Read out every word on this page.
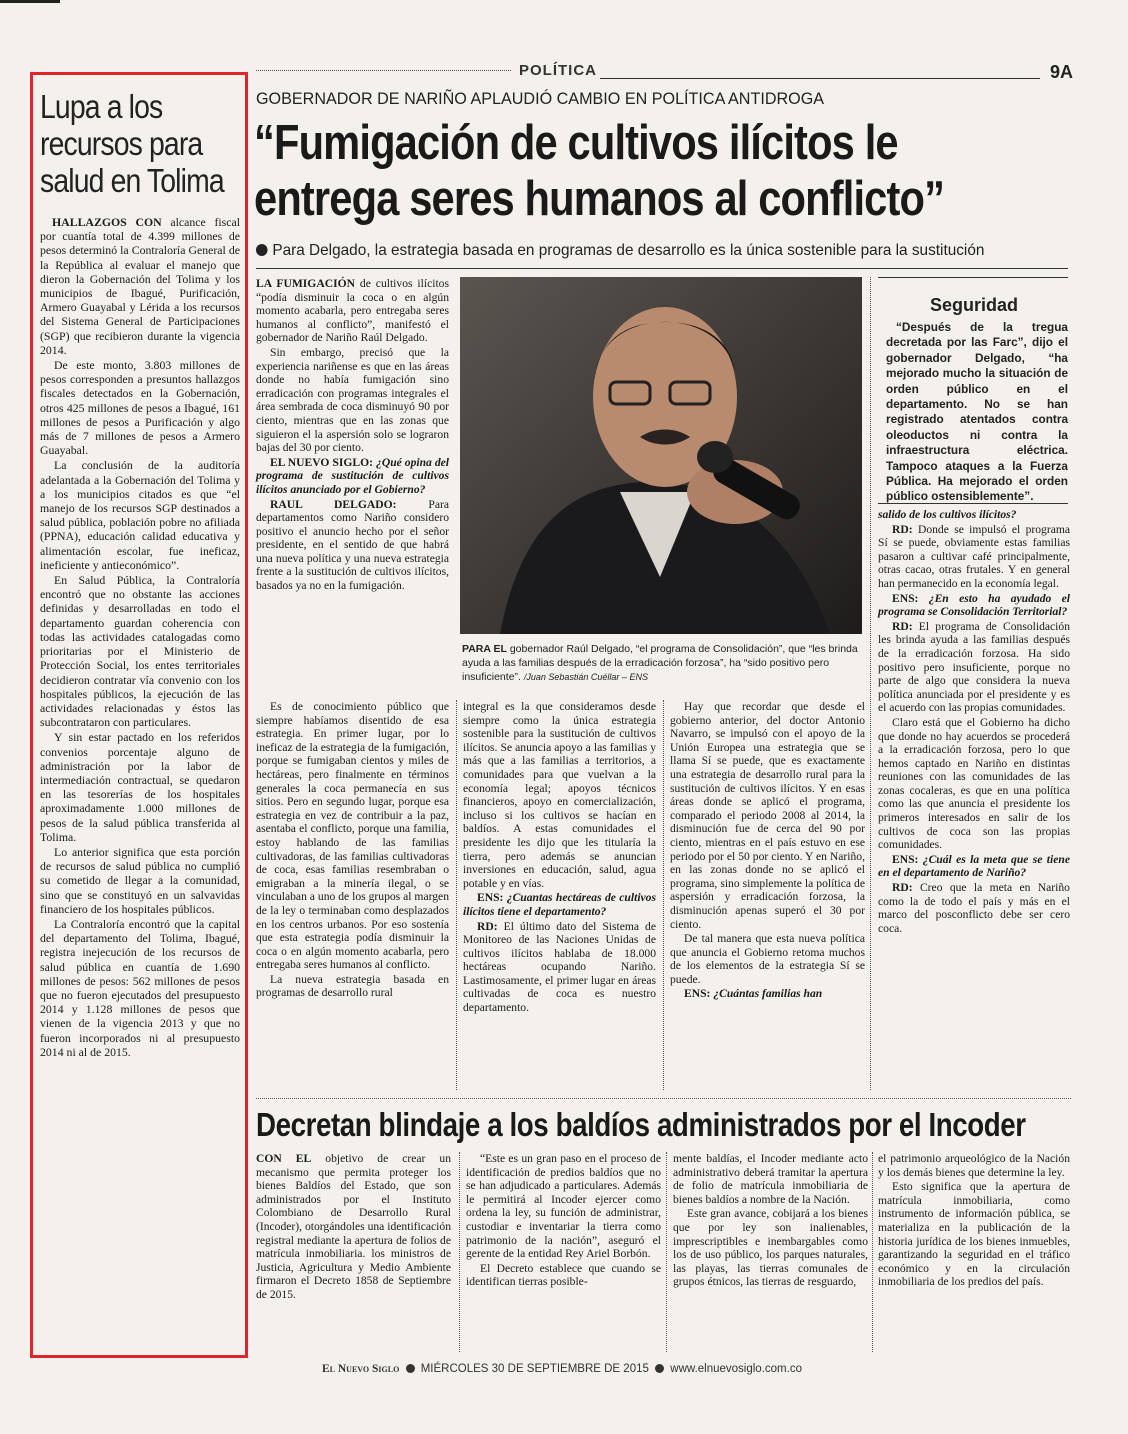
POLÍTICA	9A
Lupa a los recursos para salud en Tolima

HALLAZGOS CON alcance fiscal por cuantía total de 4.399 millones de pesos determinó la Contraloría General de la República al evaluar el manejo que dieron la Gobernación del Tolima y los municipios de Ibagué, Purificación, Armero Guayabal y Lérida a los recursos del Sistema General de Participaciones (SGP) que recibieron durante la vigencia 2014.

De este monto, 3.803 millones de pesos corresponden a presuntos hallazgos fiscales detectados en la Gobernación, otros 425 millones de pesos a Ibagué, 161 millones de pesos a Purificación y algo más de 7 millones de pesos a Armero Guayabal.

La conclusión de la auditoría adelantada a la Gobernación del Tolima y a los municipios citados es que “el manejo de los recursos SGP destinados a salud pública, población pobre no afiliada (PPNA), educación calidad educativa y alimentación escolar, fue ineficaz, ineficiente y antieconómico”.

En Salud Pública, la Contraloría encontró que no obstante las acciones definidas y desarrolladas en todo el departamento guardan coherencia con todas las actividades catalogadas como prioritarias por el Ministerio de Protección Social, los entes territoriales decidieron contratar vía convenio con los hospitales públicos, la ejecución de las actividades relacionadas y éstos las subcontrataron con particulares.

Y sin estar pactado en los referidos convenios porcentaje alguno de administración por la labor de intermediación contractual, se quedaron en las tesorerías de los hospitales aproximadamente 1.000 millones de pesos de la salud pública transferida al Tolima.

Lo anterior significa que esta porción de recursos de salud pública no cumplió su cometido de llegar a la comunidad, sino que se constituyó en un salvavidas financiero de los hospitales públicos.

La Contraloría encontró que la capital del departamento del Tolima, Ibagué, registra inejecución de los recursos de salud pública en cuantía de 1.690 millones de pesos: 562 millones de pesos que no fueron ejecutados del presupuesto 2014 y 1.128 millones de pesos que vienen de la vigencia 2013 y que no fueron incorporados ni al presupuesto 2014 ni al de 2015.

GOBERNADOR DE NARIÑO APLAUDIÓ CAMBIO EN POLÍTICA ANTIDROGA
“Fumigación de cultivos ilícitos le entrega seres humanos al conflicto”
Para Delgado, la estrategia basada en programas de desarrollo es la única sostenible para la sustitución

LA FUMIGACIÓN de cultivos ilícitos “podía disminuir la coca o en algún momento acabarla, pero entregaba seres humanos al conflicto”, manifestó el gobernador de Nariño Raúl Delgado.

Sin embargo, precisó que la experiencia nariñense es que en las áreas donde no había fumigación sino erradicación con programas integrales el área sembrada de coca disminuyó 90 por ciento, mientras que en las zonas que siguieron el la aspersión solo se lograron bajas del 30 por ciento.

EL NUEVO SIGLO: ¿Qué opina del programa de sustitución de cultivos ilícitos anunciado por el Gobierno?

RAUL DELGADO:	Para departamentos como Nariño considero positivo el anuncio hecho por el señor presidente, en el sentido de que habrá una nueva política y una nueva estrategia frente a la sustitución de cultivos ilícitos, basados ya no en la fumigación.

PARA EL gobernador Raúl Delgado, “el programa de Consolidación”, que “les brinda ayuda a las familias después de la erradicación forzosa”, ha “sido positivo pero insuficiente”. /Juan Sebastián Cuéllar – ENS

Es de conocimiento público que siempre habíamos disentido de esa estrategia. En primer lugar, por lo ineficaz de la estrategia de la fumigación, porque se fumigaban cientos y miles de hectáreas, pero finalmente en términos generales la coca permanecía en sus sitios. Pero en segundo lugar, porque esa estrategia en vez de contribuir a la paz, asentaba el conflicto, porque una familia, estoy hablando de las familias cultivadoras, de las familias cultivadoras de coca, esas familias resembraban o emigraban a la minería ilegal, o se vinculaban a uno de los grupos al margen de la ley o terminaban como desplazados en los centros urbanos. Por eso sostenía que esta estrategia podía disminuir la coca o en algún momento acabarla, pero entregaba seres humanos al conflicto.

La nueva estrategia basada en programas de desarrollo rural

integral es la que consideramos desde siempre como la única estrategia sostenible para la sustitución de cultivos ilícitos. Se anuncia apoyo a las familias y más que a las familias a territorios, a comunidades para que vuelvan a la economía legal; apoyos técnicos financieros, apoyo en comercialización, incluso si los cultivos se hacían en baldíos. A estas comunidades el presidente les dijo que les titularía la tierra, pero además se anuncian inversiones en educación, salud, agua potable y en vías.

ENS: ¿Cuantas hectáreas de cultivos ilícitos tiene el departamento?

RD: El último dato del Sistema de Monitoreo de las Naciones Unidas de cultivos ilícitos hablaba de 18.000 hectáreas ocupando Nariño. Lastimosamente, el primer lugar en áreas cultivadas de coca es nuestro departamento.

Hay que recordar que desde el gobierno anterior, del doctor Antonio Navarro, se impulsó con el apoyo de la Unión Europea una estrategia que se llama Sí se puede, que es exactamente una estrategia de desarrollo rural para la sustitución de cultivos ilícitos. Y en esas áreas donde se aplicó el programa, comparado el periodo 2008 al 2014, la disminución fue de cerca del 90 por ciento, mientras en el país estuvo en ese periodo por el 50 por ciento. Y en Nariño, en las zonas donde no se aplicó el programa, sino simplemente la política de aspersión y erradicación forzosa, la disminución apenas superó el 30 por ciento.

De tal manera que esta nueva política que anuncia el Gobierno retoma muchos de los elementos de la estrategia Sí se puede.

ENS: ¿Cuántas familias han

Seguridad
“Después de la tregua decretada por las Farc”, dijo el gobernador Delgado, “ha mejorado mucho la situación de orden público en el departamento. No se han registrado atentados contra oleoductos ni contra la infraestructura eléctrica. Tampoco ataques a la Fuerza Pública. Ha mejorado el orden público ostensiblemente”.

salido de los cultivos ilícitos?

RD: Donde se impulsó el programa Sí se puede, obviamente estas familias pasaron a cultivar café principalmente, otras cacao, otras frutales. Y en general han permanecido en la economía legal.

ENS: ¿En esto ha ayudado el programa se Consolidación Territorial?

RD: El programa de Consolidación les brinda ayuda a las familias después de la erradicación forzosa. Ha sido positivo pero insuficiente, porque no parte de algo que considera la nueva política anunciada por el presidente y es el acuerdo con las propias comunidades.

Claro está que el Gobierno ha dicho que donde no hay acuerdos se procederá a la erradicación forzosa, pero lo que hemos captado en Nariño en distintas reuniones con las comunidades de las zonas cocaleras, es que en una política como las que anuncia el presidente los primeros interesados en salir de los cultivos de coca son las propias comunidades.

ENS: ¿Cuál es la meta que se tiene en el departamento de Nariño?

RD: Creo que la meta en Nariño como la de todo el país y más en el marco del posconflicto debe ser cero coca.

Decretan blindaje a los baldíos administrados por el Incoder

CON EL objetivo de crear un mecanismo que permita proteger los bienes Baldíos del Estado, que son administrados por el Instituto Colombiano de Desarrollo Rural (Incoder), otorgándoles una identificación registral mediante la apertura de folios de matrícula inmobiliaria. los ministros de Justicia, Agricultura y Medio Ambiente firmaron el Decreto 1858 de Septiembre de 2015.

“Este es un gran paso en el proceso de identificación de predios baldíos que no se han adjudicado a particulares. Además le permitirá al Incoder ejercer como ordena la ley, su función de administrar, custodiar e inventariar la tierra como patrimonio de la nación”, aseguró el gerente de la entidad Rey Ariel Borbón.

El Decreto establece que cuando se identifican tierras posible-

mente baldías, el Incoder mediante acto administrativo deberá tramitar la apertura de folio de matrícula inmobiliaria de bienes baldíos a nombre de la Nación.

Este gran avance, cobijará a los bienes que por ley son inalienables, imprescriptibles e inembargables como los de uso público, los parques naturales, las playas, las tierras comunales de grupos étnicos, las tierras de resguardo,

el patrimonio arqueológico de la Nación y los demás bienes que determine la ley.

Esto significa que la apertura de matrícula inmobiliaria, como instrumento de información pública, se materializa en la publicación de la historia jurídica de los bienes inmuebles, garantizando la seguridad en el tráfico económico y en la circulación inmobiliaria de los predios del país.

El Nuevo Siglo MIÉRCOLES 30 DE SEPTIEMBRE DE 2015 www.elnuevosiglo.com.co
